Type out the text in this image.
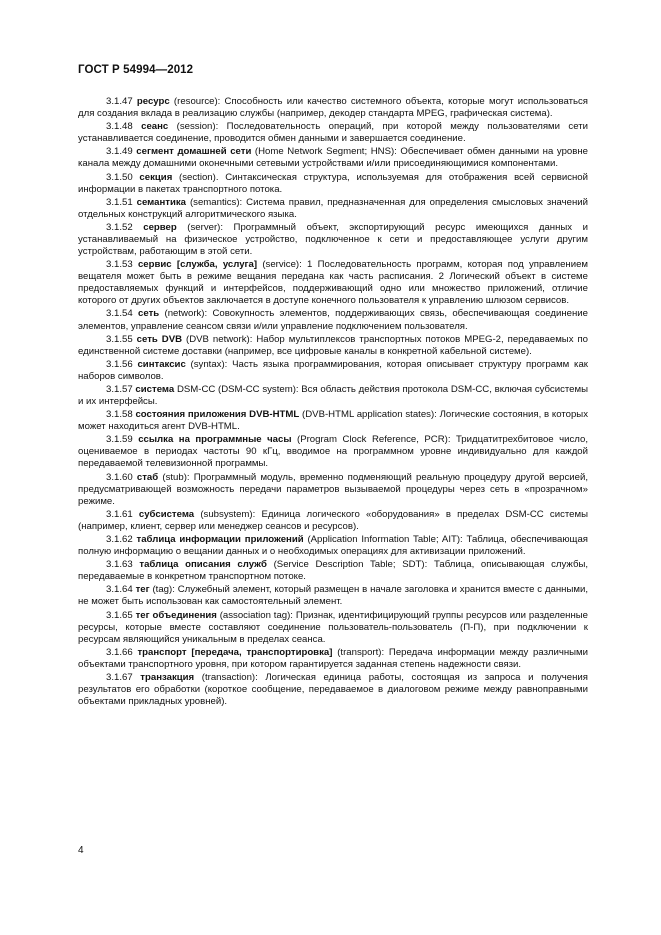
ГОСТ Р 54994—2012

3.1.47 ресурс (resource): Способность или качество системного объекта, которые могут использоваться для создания вклада в реализацию службы (например, декодер стандарта MPEG, графическая система).

3.1.48 сеанс (session): Последовательность операций, при которой между пользователями сети устанавливается соединение, проводится обмен данными и завершается соединение.

3.1.49 сегмент домашней сети (Home Network Segment; HNS): Обеспечивает обмен данными на уровне канала между домашними оконечными сетевыми устройствами и/или присоединяющимися компонентами.

3.1.50 секция (section). Синтаксическая структура, используемая для отображения всей сервисной информации в пакетах транспортного потока.

3.1.51 семантика (semantics): Система правил, предназначенная для определения смысловых значений отдельных конструкций алгоритмического языка.

3.1.52 сервер (server): Программный объект, экспортирующий ресурс имеющихся данных и устанавливаемый на физическое устройство, подключенное к сети и предоставляющее услуги другим устройствам, работающим в этой сети.

3.1.53 сервис [служба, услуга] (service): 1 Последовательность программ, которая под управлением вещателя может быть в режиме вещания передана как часть расписания. 2 Логический объект в системе предоставляемых функций и интерфейсов, поддерживающий одно или множество приложений, отличие которого от других объектов заключается в доступе конечного пользователя к управлению шлюзом сервисов.

3.1.54 сеть (network): Совокупность элементов, поддерживающих связь, обеспечивающая соединение элементов, управление сеансом связи и/или управление подключением пользователя.

3.1.55 сеть DVB (DVB network): Набор мультиплексов транспортных потоков MPEG-2, передаваемых по единственной системе доставки (например, все цифровые каналы в конкретной кабельной системе).

3.1.56 синтаксис (syntax): Часть языка программирования, которая описывает структуру программ как наборов символов.

3.1.57 система DSM-CC (DSM-CC system): Вся область действия протокола DSM-CC, включая субсистемы и их интерфейсы.

3.1.58 состояния приложения DVB-HTML (DVB-HTML application states): Логические состояния, в которых может находиться агент DVB-HTML.

3.1.59 ссылка на программные часы (Program Clock Reference, PCR): Тридцатитрехбитовое число, оцениваемое в периодах частоты 90 кГц, вводимое на программном уровне индивидуально для каждой передаваемой телевизионной программы.

3.1.60 стаб (stub): Программный модуль, временно подменяющий реальную процедуру другой версией, предусматривающей возможность передачи параметров вызываемой процедуры через сеть в «прозрачном» режиме.

3.1.61 субсистема (subsystem): Единица логического «оборудования» в пределах DSM-CC системы (например, клиент, сервер или менеджер сеансов и ресурсов).

3.1.62 таблица информации приложений (Application Information Table; AIT): Таблица, обеспечивающая полную информацию о вещании данных и о необходимых операциях для активизации приложений.

3.1.63 таблица описания служб (Service Description Table; SDT): Таблица, описывающая службы, передаваемые в конкретном транспортном потоке.

3.1.64 тег (tag): Служебный элемент, который размещен в начале заголовка и хранится вместе с данными, не может быть использован как самостоятельный элемент.

3.1.65 тег объединения (association tag): Признак, идентифицирующий группы ресурсов или разделенные ресурсы, которые вместе составляют соединение пользователь-пользователь (П-П), при подключении к ресурсам являющийся уникальным в пределах сеанса.

3.1.66 транспорт [передача, транспортировка] (transport): Передача информации между различными объектами транспортного уровня, при котором гарантируется заданная степень надежности связи.

3.1.67 транзакция (transaction): Логическая единица работы, состоящая из запроса и получения результатов его обработки (короткое сообщение, передаваемое в диалоговом режиме между равноправными объектами прикладных уровней).

4
